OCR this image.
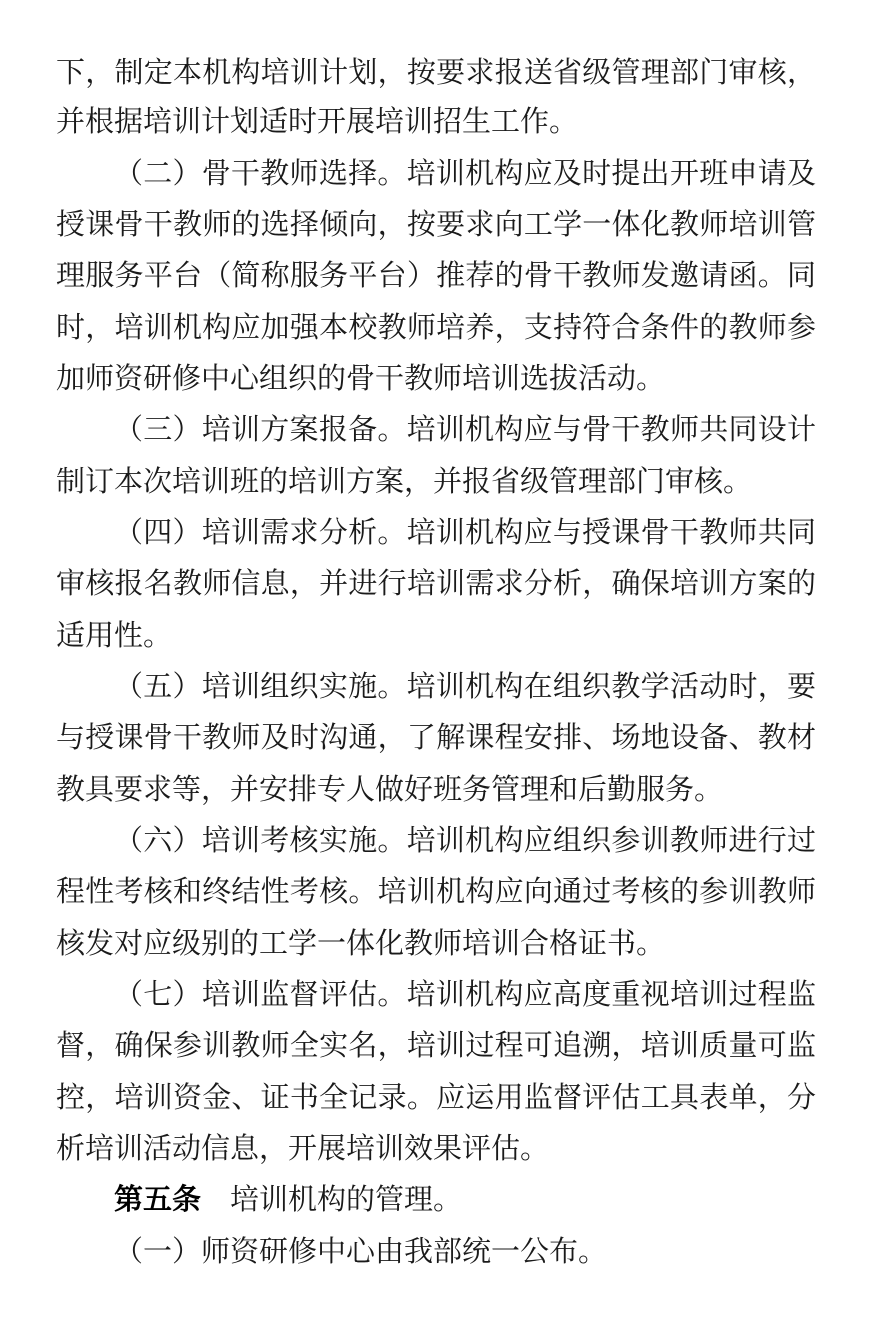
下，制定本机构培训计划，按要求报送省级管理部门审核，

并根据培训计划适时开展培训招生工作。

（二）骨干教师选择。培训机构应及时提出开班申请及

授课骨干教师的选择倾向，按要求向工学一体化教师培训管

理服务平台（简称服务平台）推荐的骨干教师发邀请函。同

时，培训机构应加强本校教师培养，支持符合条件的教师参

加师资研修中心组织的骨干教师培训选拔活动。

（三）培训方案报备。培训机构应与骨干教师共同设计

制订本次培训班的培训方案，并报省级管理部门审核。

（四）培训需求分析。培训机构应与授课骨干教师共同

审核报名教师信息，并进行培训需求分析，确保培训方案的

适用性。

（五）培训组织实施。培训机构在组织教学活动时，要

与授课骨干教师及时沟通，了解课程安排、场地设备、教材

教具要求等，并安排专人做好班务管理和后勤服务。

（六）培训考核实施。培训机构应组织参训教师进行过

程性考核和终结性考核。培训机构应向通过考核的参训教师

核发对应级别的工学一体化教师培训合格证书。

（七）培训监督评估。培训机构应高度重视培训过程监

督，确保参训教师全实名，培训过程可追溯，培训质量可监

控，培训资金、证书全记录。应运用监督评估工具表单，分

析培训活动信息，开展培训效果评估。

第五条  培训机构的管理。

（一）师资研修中心由我部统一公布。
